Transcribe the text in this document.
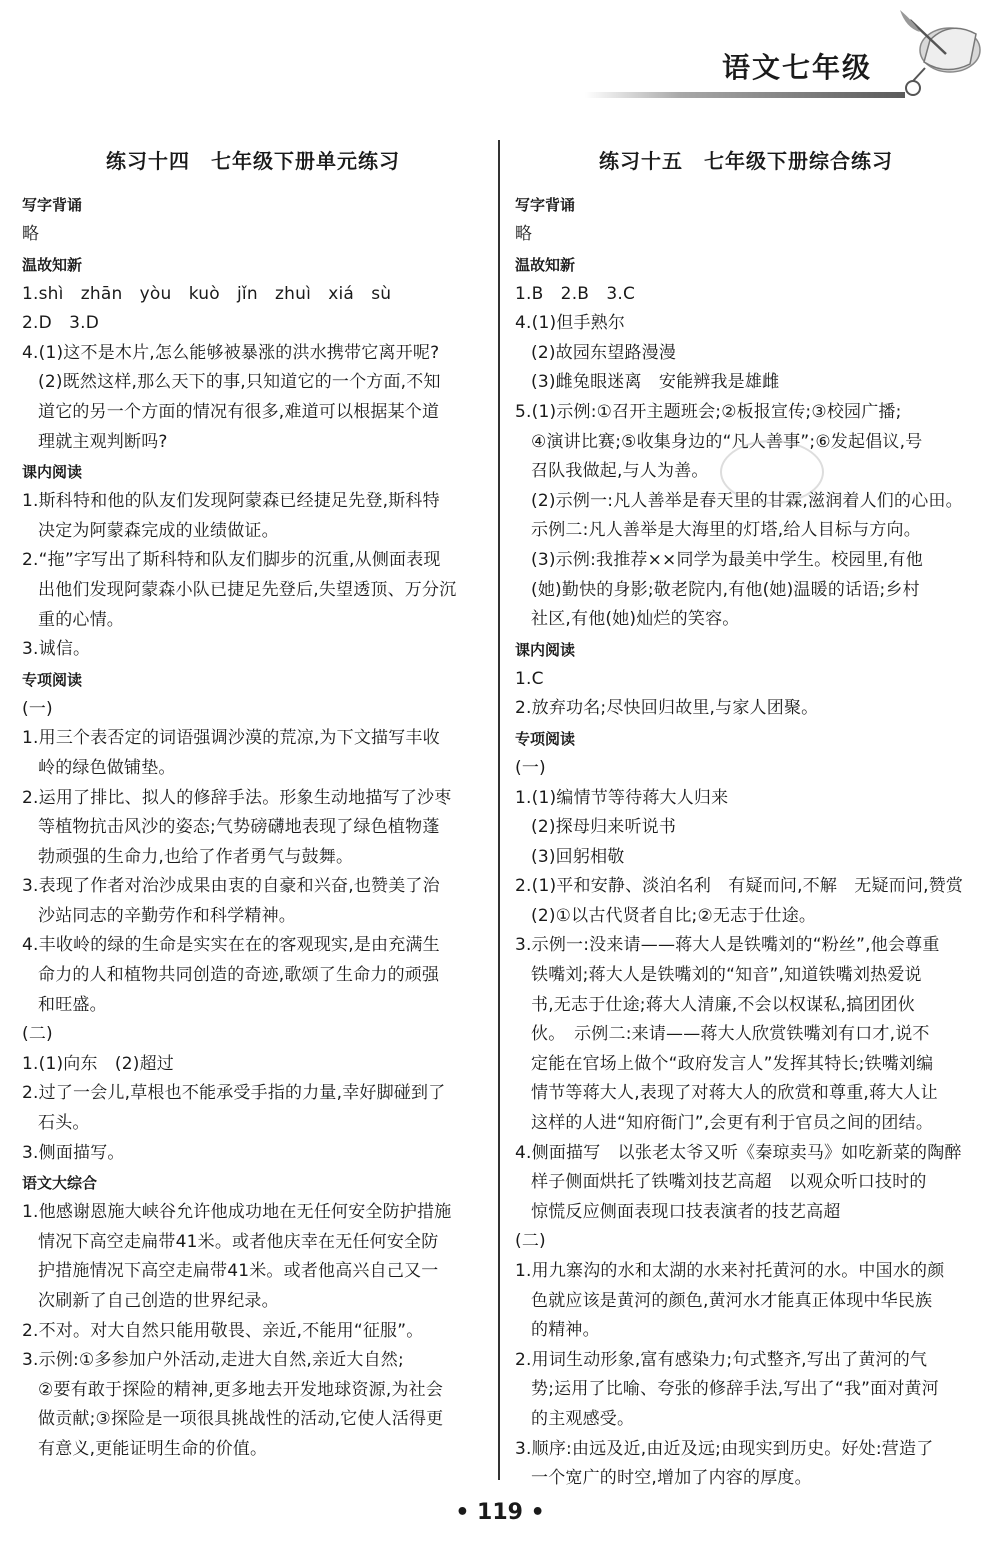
语文七年级
练习十四　七年级下册单元练习
写字背诵
略
温故知新
1.shì　zhān　yòu　kuò　jǐn　zhuì　xiá　sù
2.D　3.D
4.(1)这不是木片,怎么能够被暴涨的洪水携带它离开呢?
(2)既然这样,那么天下的事,只知道它的一个方面,不知
道它的另一个方面的情况有很多,难道可以根据某个道
理就主观判断吗?
课内阅读
1.斯科特和他的队友们发现阿蒙森已经捷足先登,斯科特
决定为阿蒙森完成的业绩做证。
2.“拖”字写出了斯科特和队友们脚步的沉重,从侧面表现
出他们发现阿蒙森小队已捷足先登后,失望透顶、万分沉
重的心情。
3.诚信。
专项阅读
(一)
1.用三个表否定的词语强调沙漠的荒凉,为下文描写丰收
岭的绿色做铺垫。
2.运用了排比、拟人的修辞手法。形象生动地描写了沙枣
等植物抗击风沙的姿态;气势磅礴地表现了绿色植物蓬
勃顽强的生命力,也给了作者勇气与鼓舞。
3.表现了作者对治沙成果由衷的自豪和兴奋,也赞美了治
沙站同志的辛勤劳作和科学精神。
4.丰收岭的绿的生命是实实在在的客观现实,是由充满生
命力的人和植物共同创造的奇迹,歌颂了生命力的顽强
和旺盛。
(二)
1.(1)向东　(2)超过
2.过了一会儿,草根也不能承受手指的力量,幸好脚碰到了
石头。
3.侧面描写。
语文大综合
1.他感谢恩施大峡谷允许他成功地在无任何安全防护措施
情况下高空走扁带41米。或者他庆幸在无任何安全防
护措施情况下高空走扁带41米。或者他高兴自己又一
次刷新了自己创造的世界纪录。
2.不对。对大自然只能用敬畏、亲近,不能用“征服”。
3.示例:①多参加户外活动,走进大自然,亲近大自然;
②要有敢于探险的精神,更多地去开发地球资源,为社会
做贡献;③探险是一项很具挑战性的活动,它使人活得更
有意义,更能证明生命的价值。
练习十五　七年级下册综合练习
写字背诵
略
温故知新
1.B　2.B　3.C
4.(1)但手熟尔
(2)故园东望路漫漫
(3)雌兔眼迷离　安能辨我是雄雌
5.(1)示例:①召开主题班会;②板报宣传;③校园广播;
④演讲比赛;⑤收集身边的“凡人善事”;⑥发起倡议,号
召队我做起,与人为善。
(2)示例一:凡人善举是春天里的甘霖,滋润着人们的心田。
示例二:凡人善举是大海里的灯塔,给人目标与方向。
(3)示例:我推荐××同学为最美中学生。校园里,有他
(她)勤快的身影;敬老院内,有他(她)温暖的话语;乡村
社区,有他(她)灿烂的笑容。
课内阅读
1.C
2.放弃功名;尽快回归故里,与家人团聚。
专项阅读
(一)
1.(1)编情节等待蒋大人归来
(2)探母归来听说书
(3)回躬相敬
2.(1)平和安静、淡泊名利　有疑而问,不解　无疑而问,赞赏
(2)①以古代贤者自比;②无志于仕途。
3.示例一:没来请——蒋大人是铁嘴刘的“粉丝”,他会尊重
铁嘴刘;蒋大人是铁嘴刘的“知音”,知道铁嘴刘热爱说
书,无志于仕途;蒋大人清廉,不会以权谋私,搞团团伙
伙。　示例二:来请——蒋大人欣赏铁嘴刘有口才,说不
定能在官场上做个“政府发言人”发挥其特长;铁嘴刘编
情节等蒋大人,表现了对蒋大人的欣赏和尊重,蒋大人让
这样的人进“知府衙门”,会更有利于官员之间的团结。
4.侧面描写　以张老太爷又听《秦琼卖马》如吃新菜的陶醉
样子侧面烘托了铁嘴刘技艺高超　以观众听口技时的
惊慌反应侧面表现口技表演者的技艺高超
(二)
1.用九寨沟的水和太湖的水来衬托黄河的水。中国水的颜
色就应该是黄河的颜色,黄河水才能真正体现中华民族
的精神。
2.用词生动形象,富有感染力;句式整齐,写出了黄河的气
势;运用了比喻、夸张的修辞手法,写出了“我”面对黄河
的主观感受。
3.顺序:由远及近,由近及远;由现实到历史。好处:营造了
一个宽广的时空,增加了内容的厚度。
• 119 •
